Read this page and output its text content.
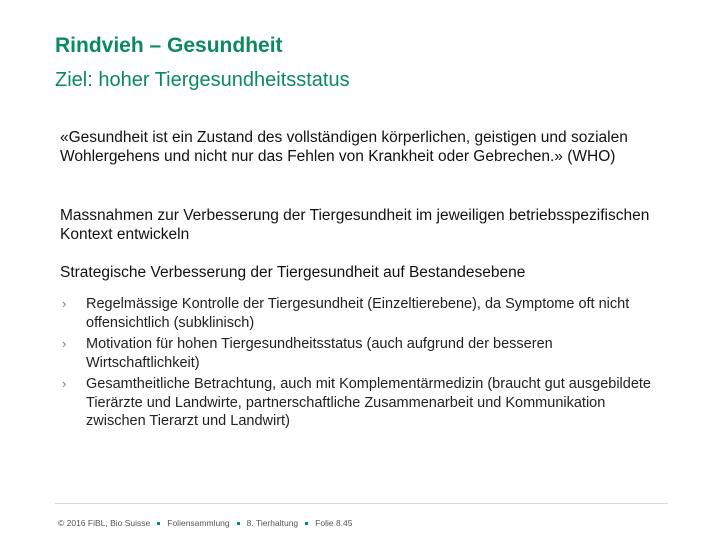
Rindvieh – Gesundheit
Ziel: hoher Tiergesundheitsstatus
«Gesundheit ist ein Zustand des vollständigen körperlichen, geistigen und sozialen Wohlergehens und nicht nur das Fehlen von Krankheit oder Gebrechen.» (WHO)
Massnahmen zur Verbesserung der Tiergesundheit im jeweiligen betriebsspezifischen Kontext entwickeln
Strategische Verbesserung der Tiergesundheit auf Bestandesebene
› Regelmässige Kontrolle der Tiergesundheit (Einzeltierebene), da Symptome oft nicht offensichtlich (subklinisch)
› Motivation für hohen Tiergesundheitsstatus (auch aufgrund der besseren Wirtschaftlichkeit)
› Gesamtheitliche Betrachtung, auch mit Komplementärmedizin (braucht gut ausgebildete Tierärzte und Landwirte, partnerschaftliche Zusammenarbeit und Kommunikation zwischen Tierarzt und Landwirt)
© 2016 FiBL, Bio Suisse Foliensammlung 8. Tierhaltung Folie 8.45
